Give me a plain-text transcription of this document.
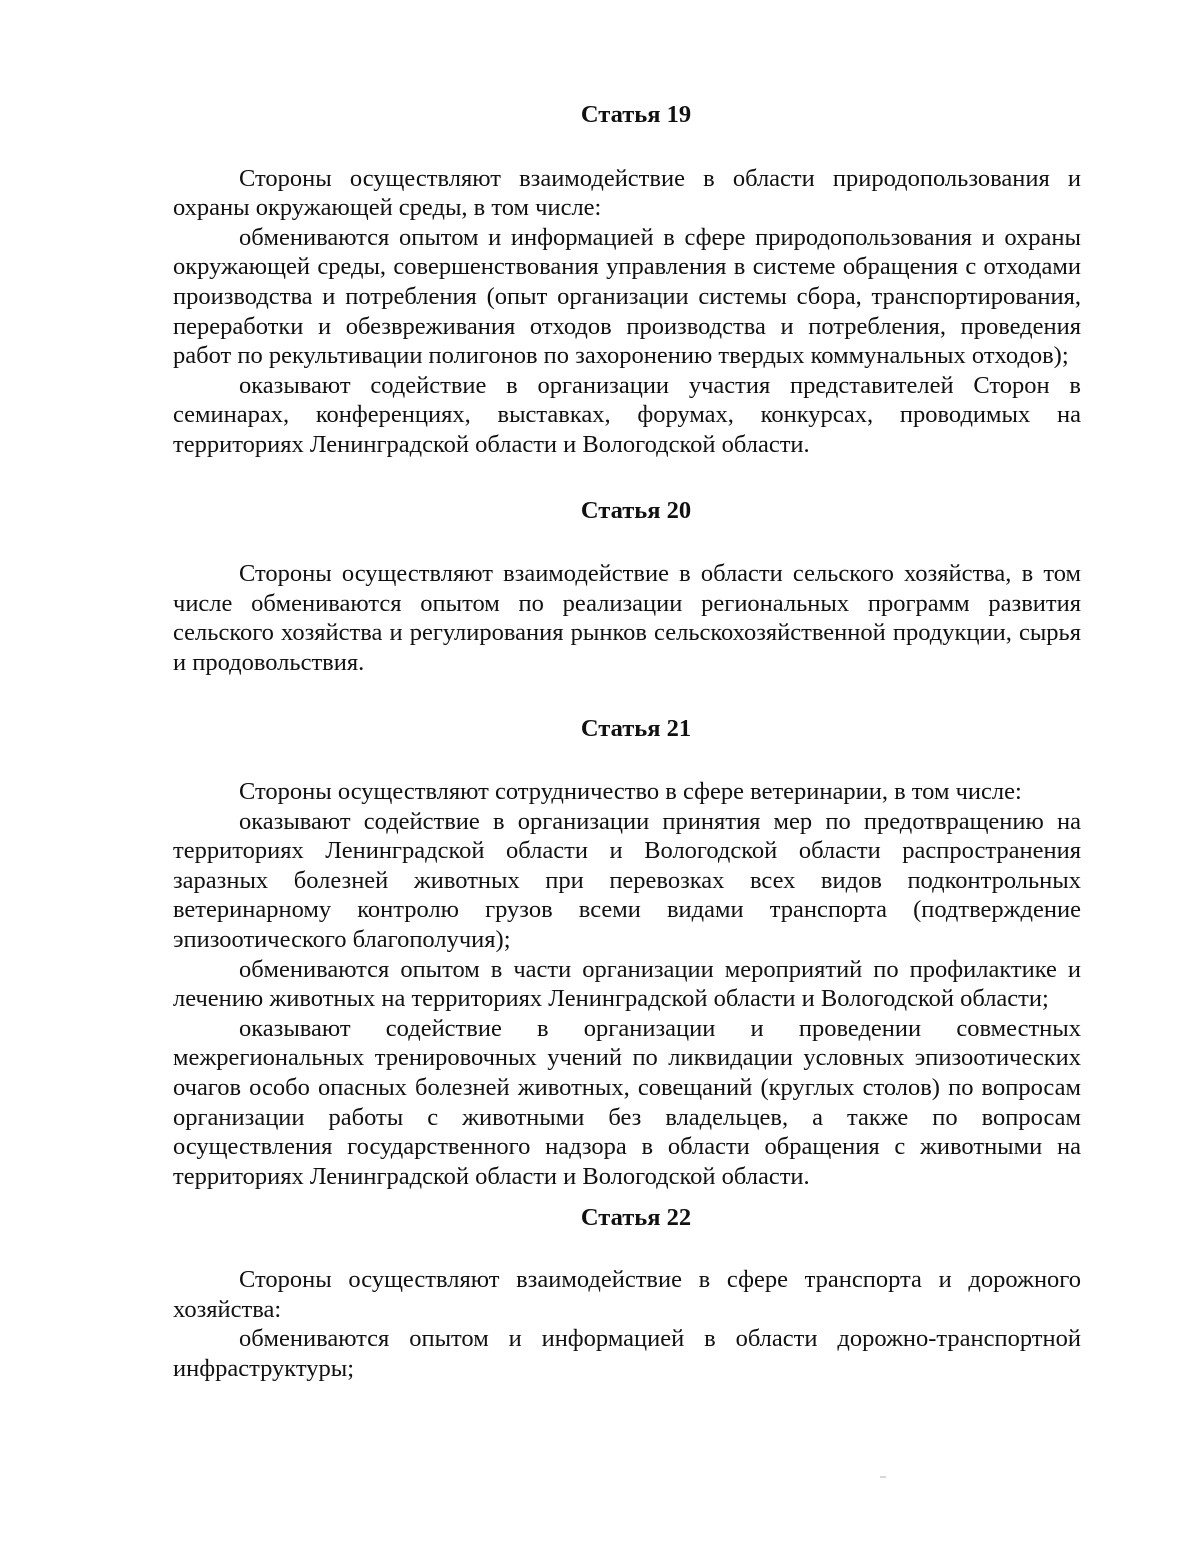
Статья 19

Стороны осуществляют взаимодействие в области природопользования и охраны окружающей среды, в том числе:

обмениваются опытом и информацией в сфере природопользования и охраны окружающей среды, совершенствования управления в системе обращения с отходами производства и потребления (опыт организации системы сбора, транспортирования, переработки и обезвреживания отходов производства и потребления, проведения работ по рекультивации полигонов по захоронению твердых коммунальных отходов);

оказывают содействие в организации участия представителей Сторон в семинарах, конференциях, выставках, форумах, конкурсах, проводимых на территориях Ленинградской области и Вологодской области.

Статья 20

Стороны осуществляют взаимодействие в области сельского хозяйства, в том числе обмениваются опытом по реализации региональных программ развития сельского хозяйства и регулирования рынков сельскохозяйственной продукции, сырья и продовольствия.

Статья 21

Стороны осуществляют сотрудничество в сфере ветеринарии, в том числе:

оказывают содействие в организации принятия мер по предотвращению на территориях Ленинградской области и Вологодской области распространения заразных болезней животных при перевозках всех видов подконтрольных ветеринарному контролю грузов всеми видами транспорта (подтверждение эпизоотического благополучия);

обмениваются опытом в части организации мероприятий по профилактике и лечению животных на территориях Ленинградской области и Вологодской области;

оказывают содействие в организации и проведении совместных межрегиональных тренировочных учений по ликвидации условных эпизоотических очагов особо опасных болезней животных, совещаний (круглых столов) по вопросам организации работы с животными без владельцев, а также по вопросам осуществления государственного надзора в области обращения с животными на территориях Ленинградской области и Вологодской области.

Статья 22

Стороны осуществляют взаимодействие в сфере транспорта и дорожного хозяйства:

обмениваются опытом и информацией в области дорожно-транспортной инфраструктуры;
